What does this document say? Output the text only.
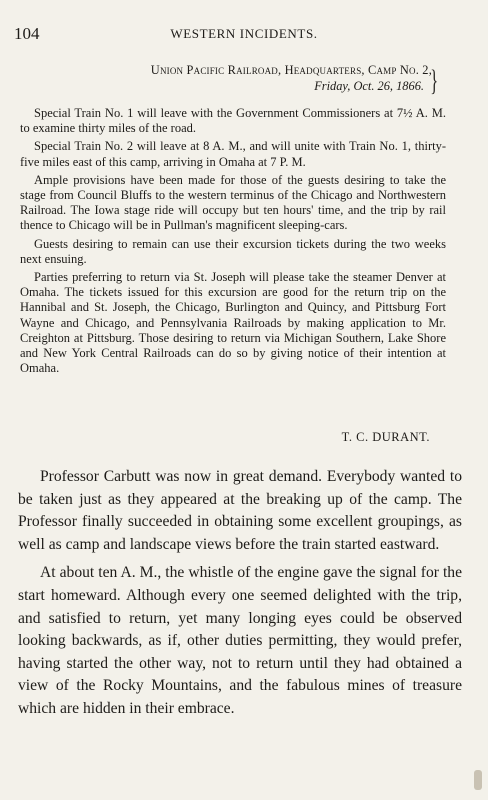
104	WESTERN INCIDENTS.
Union Pacific Railroad, Headquarters, Camp No. 2,
Friday, Oct. 26, 1866. }

Special Train No. 1 will leave with the Government Commissioners at 7½ A. M. to examine thirty miles of the road.

Special Train No. 2 will leave at 8 A. M., and will unite with Train No. 1, thirty-five miles east of this camp, arriving in Omaha at 7 P. M.

Ample provisions have been made for those of the guests desiring to take the stage from Council Bluffs to the western terminus of the Chicago and Northwestern Railroad. The Iowa stage ride will occupy but ten hours' time, and the trip by rail thence to Chicago will be in Pullman's magnificent sleeping-cars.

Guests desiring to remain can use their excursion tickets during the two weeks next ensuing.

Parties preferring to return via St. Joseph will please take the steamer Denver at Omaha. The tickets issued for this excursion are good for the return trip on the Hannibal and St. Joseph, the Chicago, Burlington and Quincy, and Pittsburg Fort Wayne and Chicago, and Pennsylvania Railroads by making application to Mr. Creighton at Pittsburg. Those desiring to return via Michigan Southern, Lake Shore and New York Central Railroads can do so by giving notice of their intention at Omaha.

T. C. DURANT.

Professor Carbutt was now in great demand. Everybody wanted to be taken just as they appeared at the breaking up of the camp. The Professor finally succeeded in obtaining some excellent groupings, as well as camp and landscape views before the train started eastward.

At about ten A. M., the whistle of the engine gave the signal for the start homeward. Although every one seemed delighted with the trip, and satisfied to return, yet many longing eyes could be observed looking backwards, as if, other duties permitting, they would prefer, having started the other way, not to return until they had obtained a view of the Rocky Mountains, and the fabulous mines of treasure which are hidden in their embrace.
